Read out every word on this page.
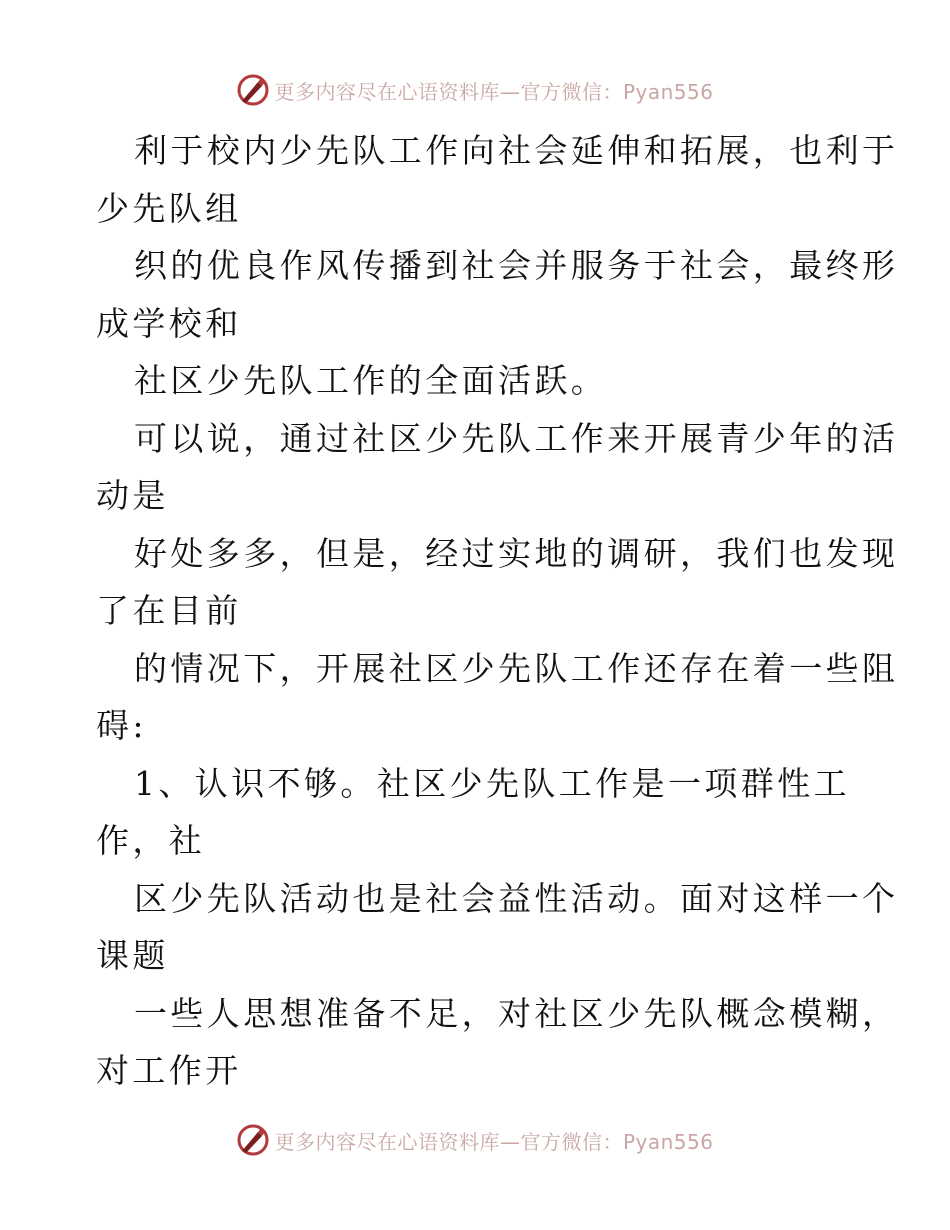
更多内容尽在心语资料库—官方微信：Pyan556
利于校内少先队工作向社会延伸和拓展，也利于
少先队组
织的优良作风传播到社会并服务于社会，最终形
成学校和
社区少先队工作的全面活跃。
可以说，通过社区少先队工作来开展青少年的活
动是
好处多多，但是，经过实地的调研，我们也发现
了在目前
的情况下，开展社区少先队工作还存在着一些阻
碍:
1、认识不够。社区少先队工作是一项群性工
作，社
区少先队活动也是社会益性活动。面对这样一个
课题
一些人思想准备不足，对社区少先队概念模糊，
对工作开
更多内容尽在心语资料库—官方微信：Pyan556
